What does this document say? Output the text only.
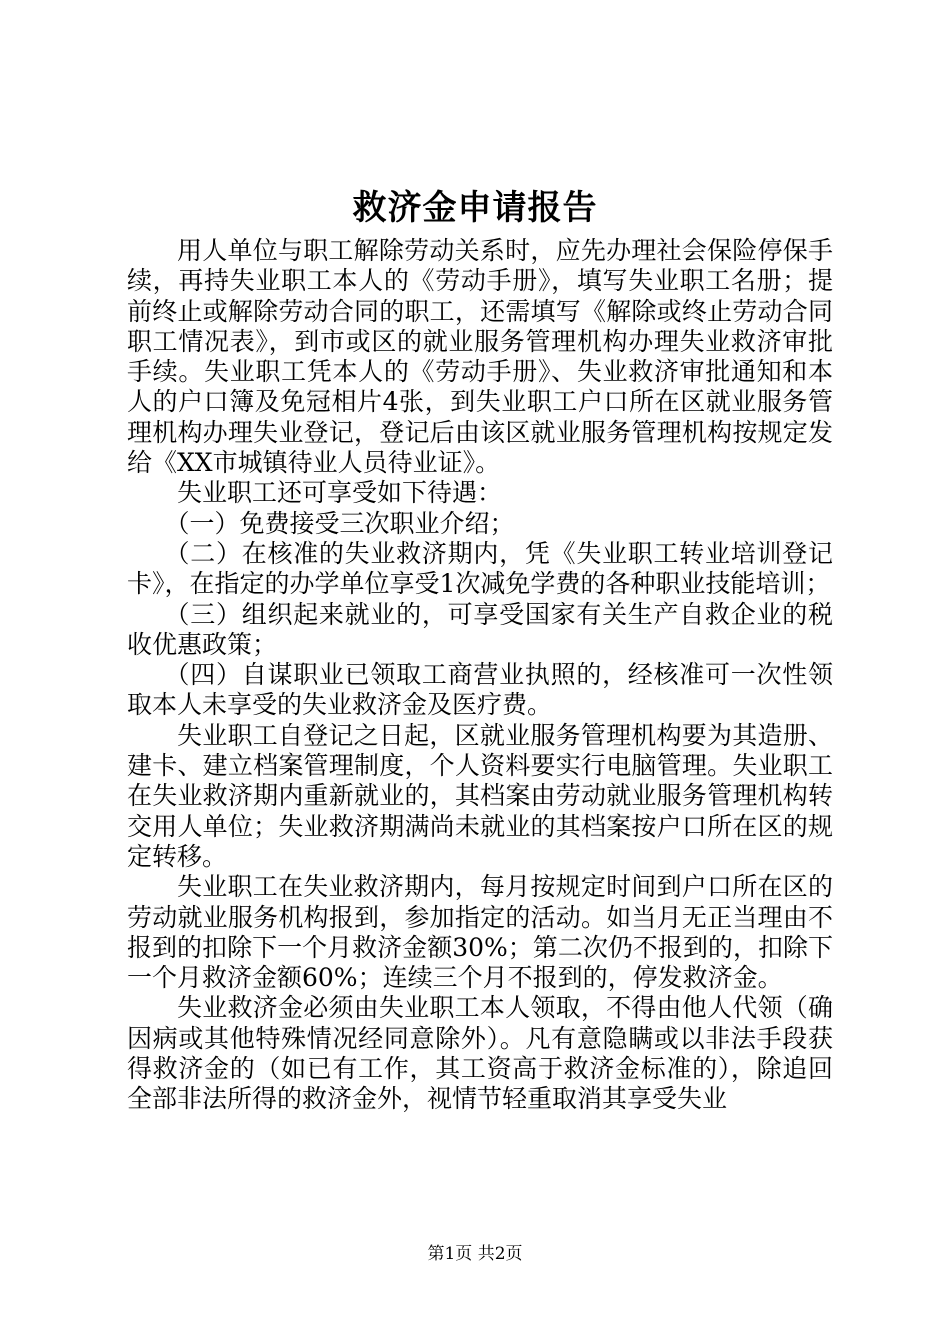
救济金申请报告

用人单位与职工解除劳动关系时，应先办理社会保险停保手续，再持失业职工本人的《劳动手册》，填写失业职工名册；提前终止或解除劳动合同的职工，还需填写《解除或终止劳动合同职工情况表》，到市或区的就业服务管理机构办理失业救济审批手续。失业职工凭本人的《劳动手册》、失业救济审批通知和本人的户口簿及免冠相片4张，到失业职工户口所在区就业服务管理机构办理失业登记，登记后由该区就业服务管理机构按规定发给《XX市城镇待业人员待业证》。

失业职工还可享受如下待遇：

（一）免费接受三次职业介绍；

（二）在核准的失业救济期内，凭《失业职工转业培训登记卡》，在指定的办学单位享受1次减免学费的各种职业技能培训；

（三）组织起来就业的，可享受国家有关生产自救企业的税收优惠政策；

（四）自谋职业已领取工商营业执照的，经核准可一次性领取本人未享受的失业救济金及医疗费。

失业职工自登记之日起，区就业服务管理机构要为其造册、建卡、建立档案管理制度，个人资料要实行电脑管理。失业职工在失业救济期内重新就业的，其档案由劳动就业服务管理机构转交用人单位；失业救济期满尚未就业的其档案按户口所在区的规定转移。

失业职工在失业救济期内，每月按规定时间到户口所在区的劳动就业服务机构报到，参加指定的活动。如当月无正当理由不报到的扣除下一个月救济金额30%；第二次仍不报到的，扣除下一个月救济金额60%；连续三个月不报到的，停发救济金。

失业救济金必须由失业职工本人领取，不得由他人代领（确因病或其他特殊情况经同意除外）。凡有意隐瞒或以非法手段获得救济金的（如已有工作，其工资高于救济金标准的），除追回全部非法所得的救济金外，视情节轻重取消其享受失业

第1页 共2页
